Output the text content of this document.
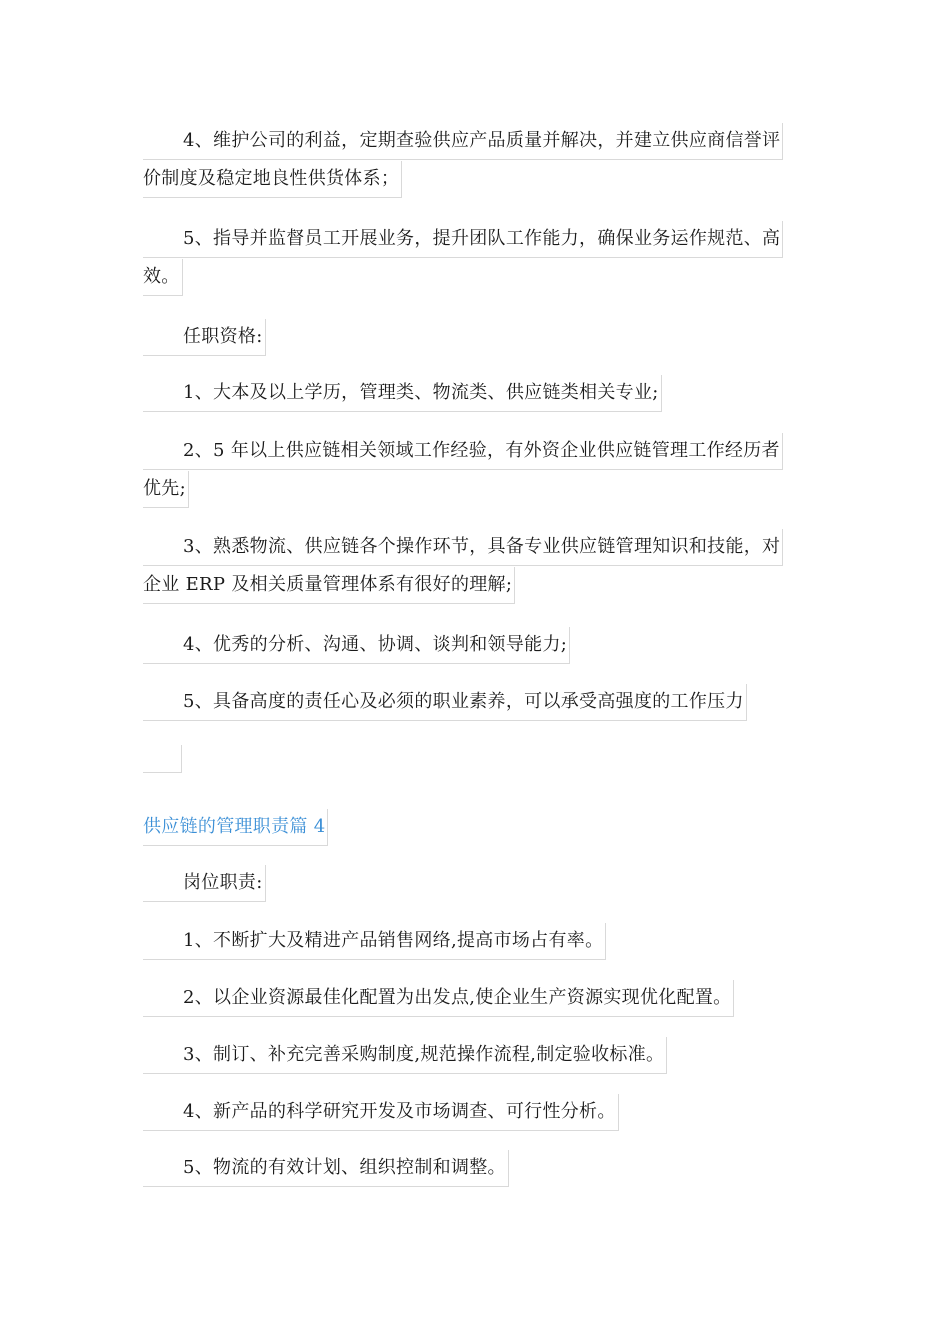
4、维护公司的利益，定期查验供应产品质量并解决，并建立供应商信誉评
价制度及稳定地良性供货体系；
5、指导并监督员工开展业务，提升团队工作能力，确保业务运作规范、高
效。
任职资格:
1、大本及以上学历，管理类、物流类、供应链类相关专业;
2、5 年以上供应链相关领域工作经验，有外资企业供应链管理工作经历者
优先;
3、熟悉物流、供应链各个操作环节，具备专业供应链管理知识和技能，对
企业 ERP 及相关质量管理体系有很好的理解;
4、优秀的分析、沟通、协调、谈判和领导能力;
5、具备高度的责任心及必须的职业素养，可以承受高强度的工作压力
供应链的管理职责篇 4
岗位职责:
1、不断扩大及精进产品销售网络,提高市场占有率。
2、以企业资源最佳化配置为出发点,使企业生产资源实现优化配置。
3、制订、补充完善采购制度,规范操作流程,制定验收标准。
4、新产品的科学研究开发及市场调查、可行性分析。
5、物流的有效计划、组织控制和调整。
